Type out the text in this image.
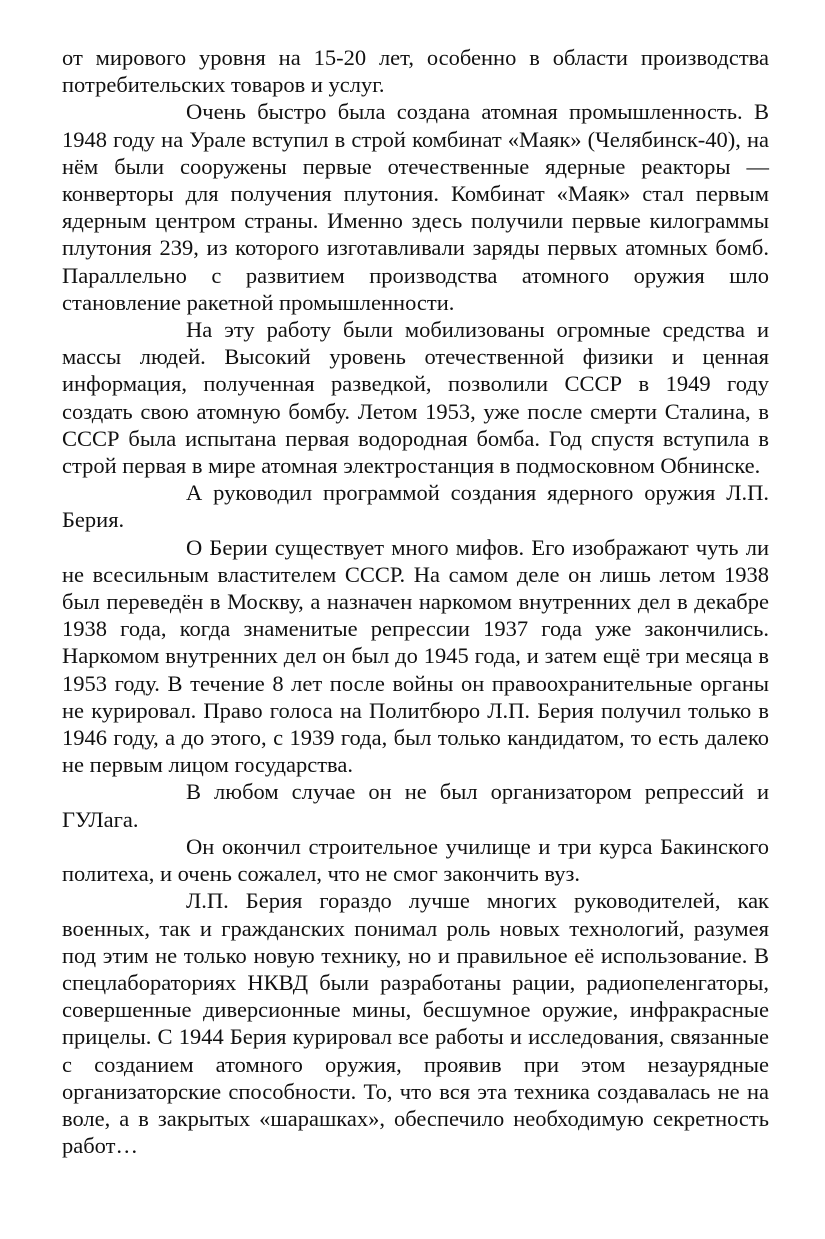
от мирового уровня на 15-20 лет, особенно в области производства потребительских товаров и услуг.

Очень быстро была создана атомная промышленность. В 1948 году на Урале вступил в строй комбинат «Маяк» (Челябинск-40), на нём были сооружены первые отечественные ядерные реакторы — конверторы для получения плутония. Комбинат «Маяк» стал первым ядерным центром страны. Именно здесь получили первые килограммы плутония 239, из которого изготавливали заряды первых атомных бомб. Параллельно с развитием производства атомного оружия шло становление ракетной промышленности.

На эту работу были мобилизованы огромные средства и массы людей. Высокий уровень отечественной физики и ценная информация, полученная разведкой, позволили СССР в 1949 году создать свою атомную бомбу. Летом 1953, уже после смерти Сталина, в СССР была испытана первая водородная бомба. Год спустя вступила в строй первая в мире атомная электростанция в подмосковном Обнинске.

А руководил программой создания ядерного оружия Л.П. Берия.

О Берии существует много мифов. Его изображают чуть ли не всесильным властителем СССР. На самом деле он лишь летом 1938 был переведён в Москву, а назначен наркомом внутренних дел в декабре 1938 года, когда знаменитые репрессии 1937 года уже закончились. Наркомом внутренних дел он был до 1945 года, и затем ещё три месяца в 1953 году. В течение 8 лет после войны он правоохранительные органы не курировал. Право голоса на Политбюро Л.П. Берия получил только в 1946 году, а до этого, с 1939 года, был только кандидатом, то есть далеко не первым лицом государства.

В любом случае он не был организатором репрессий и ГУЛага.

Он окончил строительное училище и три курса Бакинского политеха, и очень сожалел, что не смог закончить вуз.

Л.П. Берия гораздо лучше многих руководителей, как военных, так и гражданских понимал роль новых технологий, разумея под этим не только новую технику, но и правильное её использование. В спецлабораториях НКВД были разработаны рации, радиопеленгаторы, совершенные диверсионные мины, бесшумное оружие, инфракрасные прицелы. С 1944 Берия курировал все работы и исследования, связанные с созданием атомного оружия, проявив при этом незаурядные организаторские способности. То, что вся эта техника создавалась не на воле, а в закрытых «шарашках», обеспечило необходимую секретность работ…
